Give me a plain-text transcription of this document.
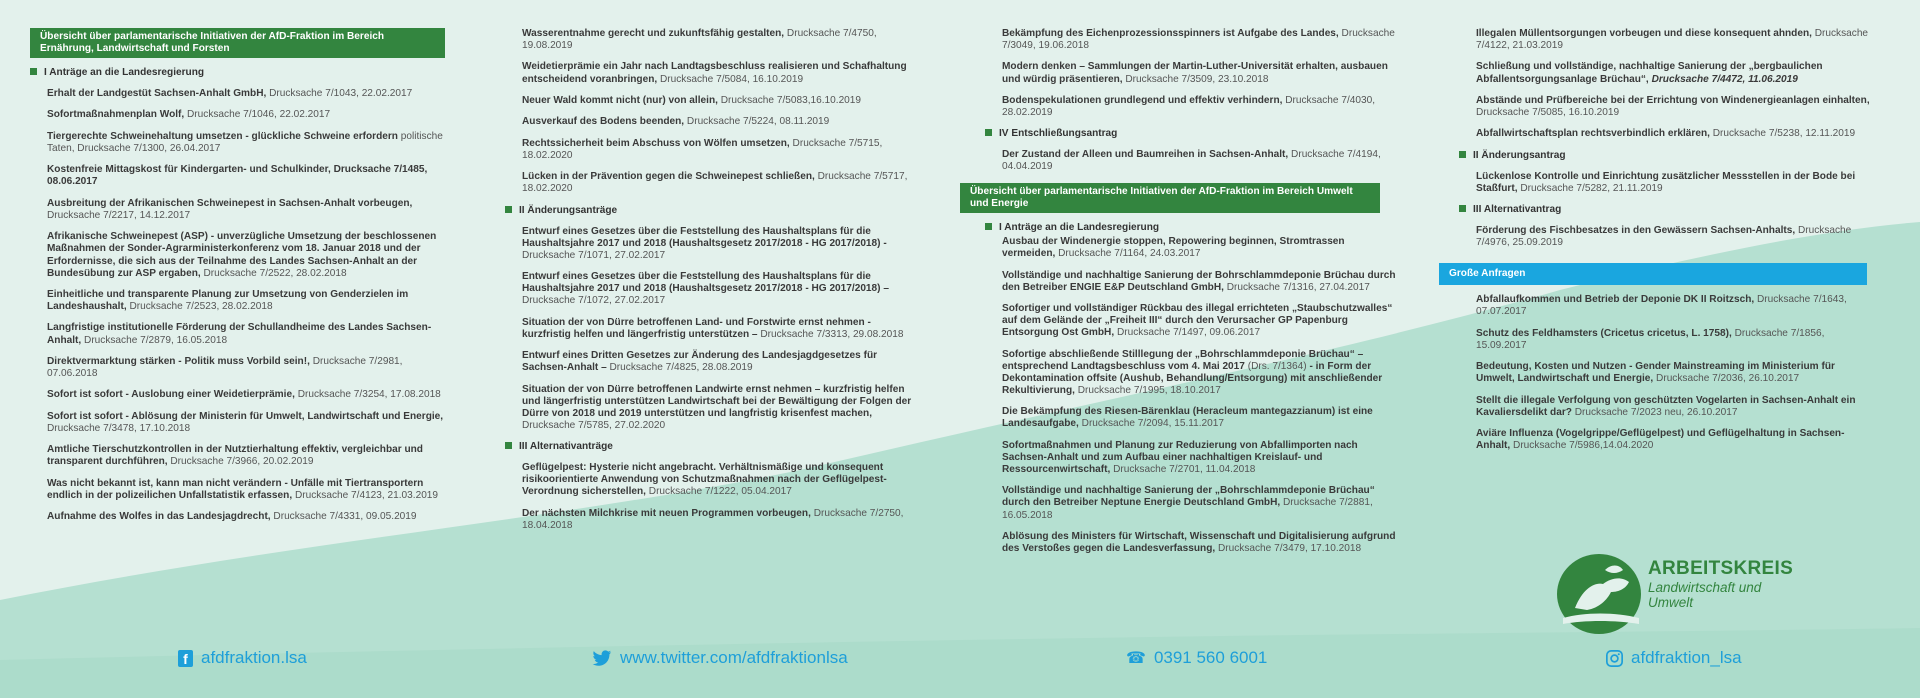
Übersicht über parlamentarische Initiativen der AfD-Fraktion im Bereich Ernährung, Landwirtschaft und Forsten
I Anträge an die Landesregierung
Erhalt der Landgestüt Sachsen-Anhalt GmbH, Drucksache 7/1043, 22.02.2017
Sofortmaßnahmenplan Wolf, Drucksache 7/1046, 22.02.2017
Tiergerechte Schweinehaltung umsetzen - glückliche Schweine erfordern politische Taten, Drucksache 7/1300, 26.04.2017
Kostenfreie Mittagskost für Kindergarten- und Schulkinder, Drucksache 7/1485, 08.06.2017
Ausbreitung der Afrikanischen Schweinepest in Sachsen-Anhalt vorbeugen, Drucksache 7/2217, 14.12.2017
Afrikanische Schweinepest (ASP) - unverzügliche Umsetzung der beschlossenen Maßnahmen der Sonder-Agrarministerkonferenz vom 18. Januar 2018 und der Erfordernisse, die sich aus der Teilnahme des Landes Sachsen-Anhalt an der Bundesübung zur ASP ergaben, Drucksache 7/2522, 28.02.2018
Einheitliche und transparente Planung zur Umsetzung von Genderzielen im Landeshaushalt, Drucksache 7/2523, 28.02.2018
Langfristige institutionelle Förderung der Schullandheime des Landes Sachsen-Anhalt, Drucksache 7/2879, 16.05.2018
Direktvermarktung stärken - Politik muss Vorbild sein!, Drucksache 7/2981, 07.06.2018
Sofort ist sofort - Auslobung einer Weidetierprämie, Drucksache 7/3254, 17.08.2018
Sofort ist sofort - Ablösung der Ministerin für Umwelt, Landwirtschaft und Energie, Drucksache 7/3478, 17.10.2018
Amtliche Tierschutzkontrollen in der Nutztierhaltung effektiv, vergleichbar und transparent durchführen, Drucksache 7/3966, 20.02.2019
Was nicht bekannt ist, kann man nicht verändern - Unfälle mit Tiertransportern endlich in der polizeilichen Unfallstatistik erfassen, Drucksache 7/4123, 21.03.2019
Aufnahme des Wolfes in das Landesjagdrecht, Drucksache 7/4331, 09.05.2019
Wasserentnahme gerecht und zukunftsfähig gestalten, Drucksache 7/4750, 19.08.2019
Weidetierprämie ein Jahr nach Landtagsbeschluss realisieren und Schafhaltung entscheidend voranbringen, Drucksache 7/5084, 16.10.2019
Neuer Wald kommt nicht (nur) von allein, Drucksache 7/5083,16.10.2019
Ausverkauf des Bodens beenden, Drucksache 7/5224, 08.11.2019
Rechtssicherheit beim Abschuss von Wölfen umsetzen, Drucksache 7/5715, 18.02.2020
Lücken in der Prävention gegen die Schweinepest schließen, Drucksache 7/5717, 18.02.2020
II Änderungsanträge
Entwurf eines Gesetzes über die Feststellung des Haushaltsplans für die Haushaltsjahre 2017 und 2018 (Haushaltsgesetz 2017/2018 - HG 2017/2018) - Drucksache 7/1071, 27.02.2017
Entwurf eines Gesetzes über die Feststellung des Haushaltsplans für die Haushaltsjahre 2017 und 2018 (Haushaltsgesetz 2017/2018 - HG 2017/2018) – Drucksache 7/1072, 27.02.2017
Situation der von Dürre betroffenen Land- und Forstwirte ernst nehmen - kurzfristig helfen und längerfristig unterstützen – Drucksache 7/3313, 29.08.2018
Entwurf eines Dritten Gesetzes zur Änderung des Landesjagdgesetzes für Sachsen-Anhalt – Drucksache 7/4825, 28.08.2019
Situation der von Dürre betroffenen Landwirte ernst nehmen – kurzfristig helfen und längerfristig unterstützen Landwirtschaft bei der Bewältigung der Folgen der Dürre von 2018 und 2019 unterstützen und langfristig krisenfest machen, Drucksache 7/5785, 27.02.2020
III Alternativanträge
Geflügelpest: Hysterie nicht angebracht. Verhältnismäßige und konsequent risikoorientierte Anwendung von Schutzmaßnahmen nach der Geflügelpest-Verordnung sicherstellen, Drucksache 7/1222, 05.04.2017
Der nächsten Milchkrise mit neuen Programmen vorbeugen, Drucksache 7/2750, 18.04.2018
Bekämpfung des Eichenprozessionsspinners ist Aufgabe des Landes, Drucksache 7/3049, 19.06.2018
Modern denken – Sammlungen der Martin-Luther-Universität erhalten, ausbauen und würdig präsentieren, Drucksache 7/3509, 23.10.2018
Bodenspekulationen grundlegend und effektiv verhindern, Drucksache 7/4030, 28.02.2019
IV Entschließungsantrag
Der Zustand der Alleen und Baumreihen in Sachsen-Anhalt, Drucksache 7/4194, 04.04.2019
Übersicht über parlamentarische Initiativen der AfD-Fraktion im Bereich Umwelt und Energie
I Anträge an die Landesregierung
Ausbau der Windenergie stoppen, Repowering beginnen, Stromtrassen vermeiden, Drucksache 7/1164, 24.03.2017
Vollständige und nachhaltige Sanierung der Bohrschlammdeponie Brüchau durch den Betreiber ENGIE E&P Deutschland GmbH, Drucksache 7/1316, 27.04.2017
Sofortiger und vollständiger Rückbau des illegal errichteten „Staubschutzwalles“ auf dem Gelände der „Freiheit III“ durch den Verursacher GP Papenburg Entsorgung Ost GmbH, Drucksache 7/1497, 09.06.2017
Sofortige abschließende Stilllegung der „Bohrschlammdeponie Brüchau“ – entsprechend Landtagsbeschluss vom 4. Mai 2017 (Drs. 7/1364) - in Form der Dekontamination offsite (Aushub, Behandlung/Entsorgung) mit anschließender Rekultivierung, Drucksache 7/1995, 18.10.2017
Die Bekämpfung des Riesen-Bärenklau (Heracleum mantegazzianum) ist eine Landesaufgabe, Drucksache 7/2094, 15.11.2017
Sofortmaßnahmen und Planung zur Reduzierung von Abfallimporten nach Sachsen-Anhalt und zum Aufbau einer nachhaltigen Kreislauf- und Ressourcenwirtschaft, Drucksache 7/2701, 11.04.2018
Vollständige und nachhaltige Sanierung der „Bohrschlammdeponie Brüchau“ durch den Betreiber Neptune Energie Deutschland GmbH, Drucksache 7/2881, 16.05.2018
Ablösung des Ministers für Wirtschaft, Wissenschaft und Digitalisierung aufgrund des Verstoßes gegen die Landesverfassung, Drucksache 7/3479, 17.10.2018
Illegalen Müllentsorgungen vorbeugen und diese konsequent ahnden, Drucksache 7/4122, 21.03.2019
Schließung und vollständige, nachhaltige Sanierung der „bergbaulichen Abfallentsorgungsanlage Brüchau“, Drucksache 7/4472, 11.06.2019
Abstände und Prüfbereiche bei der Errichtung von Windenergieanlagen einhalten, Drucksache 7/5085, 16.10.2019
Abfallwirtschaftsplan rechtsverbindlich erklären, Drucksache 7/5238, 12.11.2019
II Änderungsantrag
Lückenlose Kontrolle und Einrichtung zusätzlicher Messstellen in der Bode bei Staßfurt, Drucksache 7/5282, 21.11.2019
III Alternativantrag
Förderung des Fischbesatzes in den Gewässern Sachsen-Anhalts, Drucksache 7/4976, 25.09.2019
Große Anfragen
Abfallaufkommen und Betrieb der Deponie DK II Roitzsch, Drucksache 7/1643, 07.07.2017
Schutz des Feldhamsters (Cricetus cricetus, L. 1758), Drucksache 7/1856, 15.09.2017
Bedeutung, Kosten und Nutzen - Gender Mainstreaming im Ministerium für Umwelt, Landwirtschaft und Energie, Drucksache 7/2036, 26.10.2017
Stellt die illegale Verfolgung von geschützten Vogelarten in Sachsen-Anhalt ein Kavaliersdelikt dar? Drucksache 7/2023 neu, 26.10.2017
Aviäre Influenza (Vogelgrippe/Geflügelpest) und Geflügelhaltung in Sachsen-Anhalt, Drucksache 7/5986,14.04.2020
ARBEITSKREIS
Landwirtschaft und Umwelt
f afdfraktion.lsa	www.twitter.com/afdfraktionlsa	☎ 0391 560 6001	afdfraktion_lsa
